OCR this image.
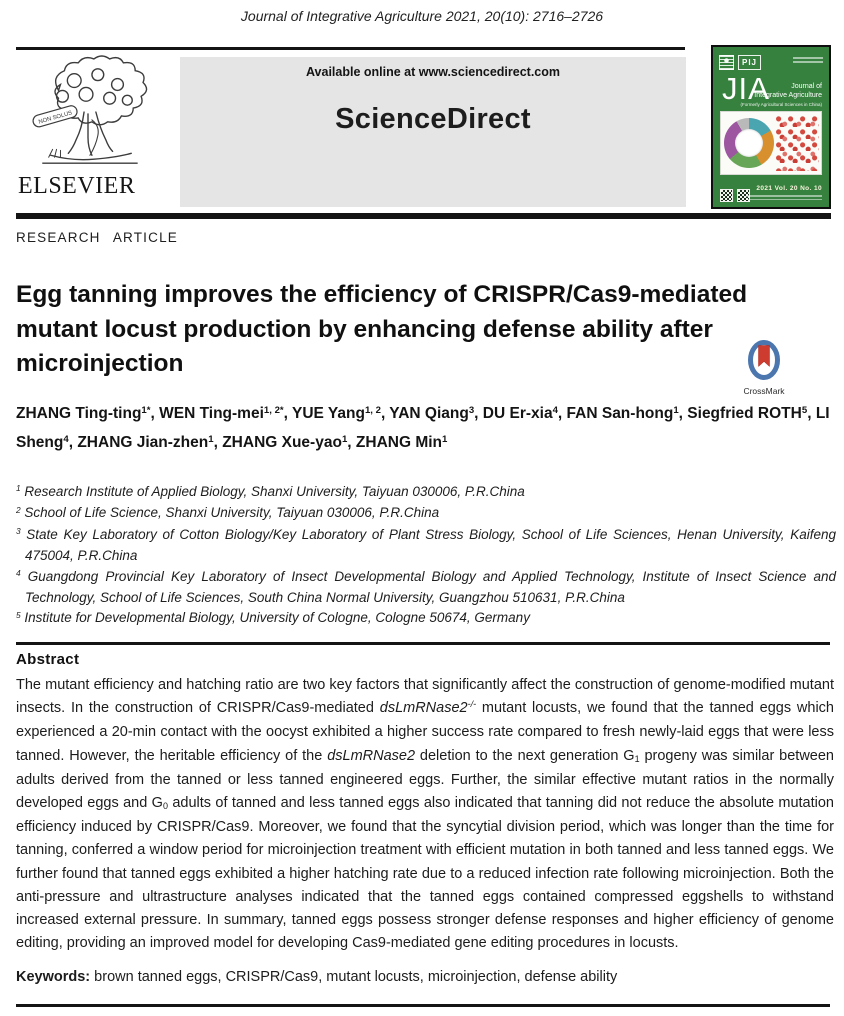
Journal of Integrative Agriculture 2021, 20(10): 2716–2726
NON SOLUS
ELSEVIER
Available online at www.sciencedirect.com
ScienceDirect
PIJ
JIA	Journal of
Integrative Agriculture
(Formerly Agricultural Sciences in China)
2021 Vol. 20 No. 10
RESEARCH ARTICLE
Egg tanning improves the efficiency of CRISPR/Cas9-mediated
mutant locust production by enhancing defense ability after
microinjection
CrossMark
ZHANG Ting-ting$^{1*}$, WEN Ting-mei$^{1, 2*}$, YUE Yang$^{1, 2}$, YAN Qiang$^3$, DU Er-xia$^4$, FAN San-hong$^1$, Siegfried ROTH$^5$, LI Sheng$^4$, ZHANG Jian-zhen$^1$, ZHANG Xue-yao$^1$, ZHANG Min$^1$
$^1$ Research Institute of Applied Biology, Shanxi University, Taiyuan 030006, P.R.China
$^2$ School of Life Science, Shanxi University, Taiyuan 030006, P.R.China
$^3$ State Key Laboratory of Cotton Biology/Key Laboratory of Plant Stress Biology, School of Life Sciences, Henan University, Kaifeng 475004, P.R.China
$^4$ Guangdong Provincial Key Laboratory of Insect Developmental Biology and Applied Technology, Institute of Insect Science and Technology, School of Life Sciences, South China Normal University, Guangzhou 510631, P.R.China
$^5$ Institute for Developmental Biology, University of Cologne, Cologne 50674, Germany
Abstract
The mutant efficiency and hatching ratio are two key factors that significantly affect the construction of genome-modified mutant insects. In the construction of CRISPR/Cas9-mediated dsLmRNase2-/- mutant locusts, we found that the tanned eggs which experienced a 20-min contact with the oocyst exhibited a higher success rate compared to fresh newly-laid eggs that were less tanned. However, the heritable efficiency of the dsLmRNase2 deletion to the next generation G1 progeny was similar between adults derived from the tanned or less tanned engineered eggs. Further, the similar effective mutant ratios in the normally developed eggs and G0 adults of tanned and less tanned eggs also indicated that tanning did not reduce the absolute mutation efficiency induced by CRISPR/Cas9. Moreover, we found that the syncytial division period, which was longer than the time for tanning, conferred a window period for microinjection treatment with efficient mutation in both tanned and less tanned eggs. We further found that tanned eggs exhibited a higher hatching rate due to a reduced infection rate following microinjection. Both the anti-pressure and ultrastructure analyses indicated that the tanned eggs contained compressed eggshells to withstand increased external pressure. In summary, tanned eggs possess stronger defense responses and higher efficiency of genome editing, providing an improved model for developing Cas9-mediated gene editing procedures in locusts.
Keywords: brown tanned eggs, CRISPR/Cas9, mutant locusts, microinjection, defense ability
